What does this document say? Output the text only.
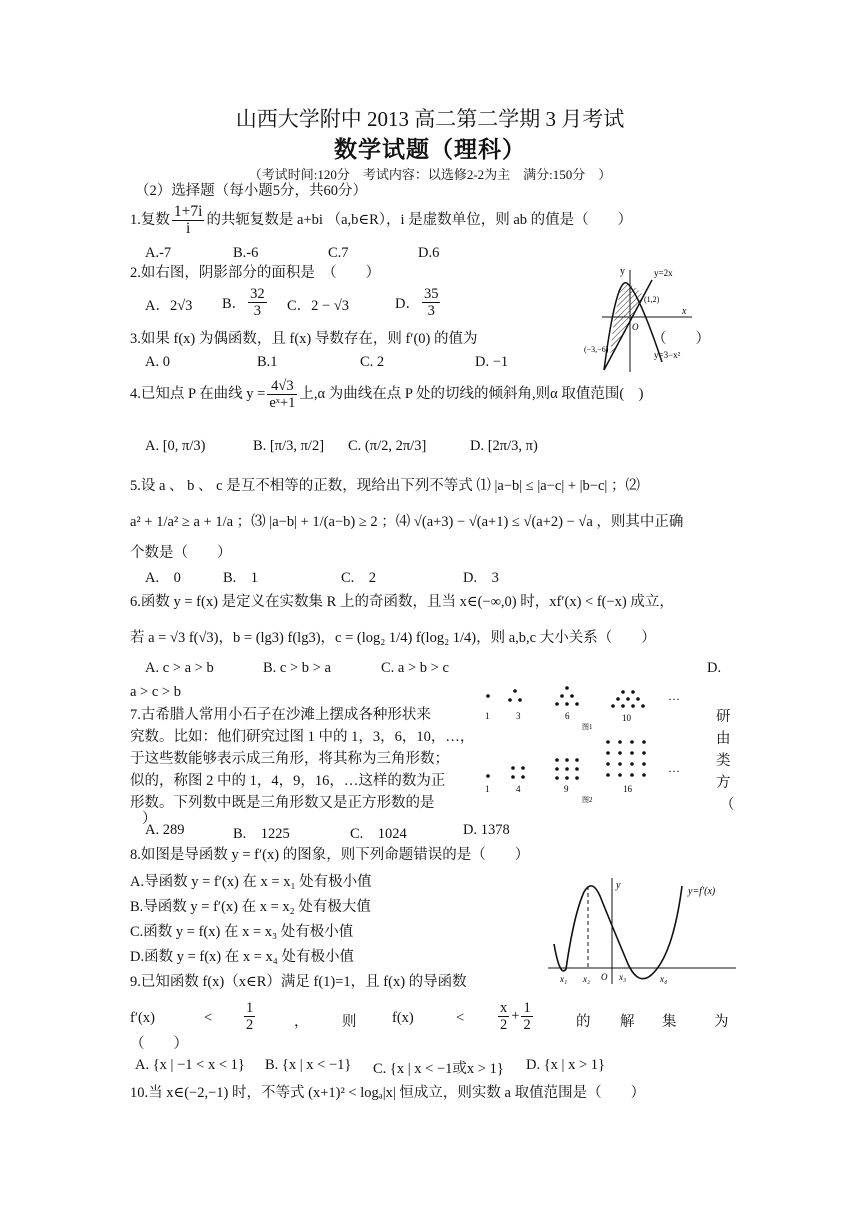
山西大学附中 2013 高二第二学期 3 月考试
数学试题（理科）
（考试时间:120分　考试内容：以选修2-2为主　满分:150分　）
（2）选择题（每小题5分，共60分）
1.复数 $\frac{1+7i}{i}$ 的共轭复数是 a+bi （a,b∈R），i 是虚数单位，则 ab 的值是（　　）
A.-7	B.-6	C.7	D.6
2.如右图，阴影部分的面积是　（　　）
A．2√3 B． $\frac{32}{3}$ C．2 − √3	D． $\frac{35}{3}$
y
x
O
y=2x
y=3−x²
(1,2)
(−3,−6)
3.如果 f(x) 为偶函数，且 f(x) 导数存在，则 f′(0) 的值为	（　　）
A. 0	B.1	C. 2	D. −1
4.已知点 P 在曲线 $y = \frac{4√3}{\text{eˣ+1}}$ 上,α 为曲线在点 P 处的切线的倾斜角,则α 取值范围(　)
A. [0, π/3)	B. [π/3, π/2] C. (π/2, 2π/3]	D. [2π/3, π)
5.设 a 、 b 、 c 是互不相等的正数，现给出下列不等式 ⑴ |a−b| ≤ |a−c| + |b−c| ；⑵
a² + 1/a² ≥ a + 1/a ；⑶ |a−b| + 1/(a−b) ≥ 2 ；⑷ √(a+3) − √(a+1) ≤ √(a+2) − √a ，则其中正确
个数是（　　）
A.　0	B.　1	C.　2	D.　3
6.函数 y = f(x) 是定义在实数集 R 上的奇函数，且当 x∈(−∞,0) 时，xf′(x) < f(−x) 成立，
若 a = √3 f(√3)，b = (lg3) f(lg3)，c = (log₂ 1/4) f(log₂ 1/4)，则 a,b,c 大小关系（　　）
A. c > a > b	B. c > b > a	C. a > b > c	D.
a > c > b
7.古希腊人常用小石子在沙滩上摆成各种形状来
究数。比如：他们研究过图 1 中的 1，3，6，10，…，
于这些数能够表示成三角形，将其称为三角形数；
似的，称图 2 中的 1，4，9，16，…这样的数为正
形数。下列数中既是三角形数又是正方形数的是
）
研
由
类
方
（
1	3	6	10
图1
…
1	4	9	16
图2
…
A. 289	B.　1225	C.　1024	D. 1378
8.如图是导函数 y = f′(x) 的图象，则下列命题错误的是（　　）
A.导函数 y = f′(x) 在 x = x₁ 处有极小值
B.导函数 y = f′(x) 在 x = x₂ 处有极大值
C.函数 y = f(x) 在 x = x₃ 处有极小值
D.函数 y = f(x) 在 x = x₄ 处有极小值
y
y=f′(x)
x₁ x₂ O x₃	x₄
9.已知函数 f(x)（x∈R）满足 f(1)=1，且 f(x) 的导函数
f′(x)	< $\frac{1}{2}$	， 则 f(x)	< $\frac{x}{2} + \frac{1}{2}$	的 解 集	为
（　　）
A. {x | −1 < x < 1} B. {x | x < −1} C. {x | x < −1或x > 1} D. {x | x > 1}
10.当 x∈(−2,−1) 时，不等式 (x+1)² < logₐ|x| 恒成立，则实数 a 取值范围是（　　）
